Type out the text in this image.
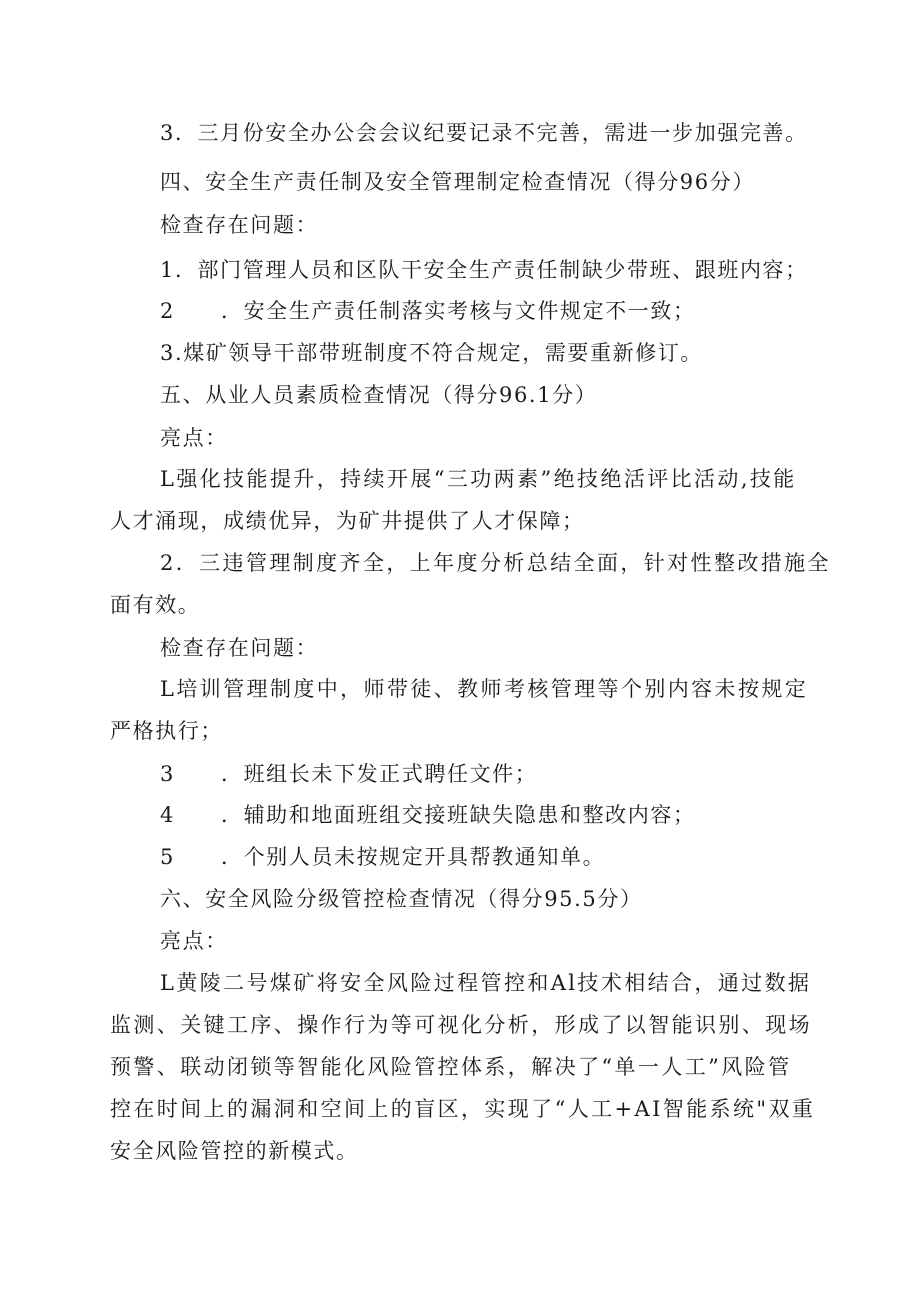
3．三月份安全办公会会议纪要记录不完善，需进一步加强完善。
四、安全生产责任制及安全管理制定检查情况（得分96分）
检查存在问题：
1．部门管理人员和区队干安全生产责任制缺少带班、跟班内容；
2 ．安全生产责任制落实考核与文件规定不一致；
3.煤矿领导干部带班制度不符合规定，需要重新修订。
五、从业人员素质检查情况（得分96.1分）
亮点：
L强化技能提升，持续开展“三功两素”绝技绝活评比活动,技能
人才涌现，成绩优异，为矿井提供了人才保障；
2．三违管理制度齐全，上年度分析总结全面，针对性整改措施全
面有效。
检查存在问题：
L培训管理制度中，师带徒、教师考核管理等个别内容未按规定
严格执行；
3 ．班组长未下发正式聘任文件；
4 ．辅助和地面班组交接班缺失隐患和整改内容；
5 ．个别人员未按规定开具帮教通知单。
六、安全风险分级管控检查情况（得分95.5分）
亮点：
L黄陵二号煤矿将安全风险过程管控和Al技术相结合，通过数据
监测、关键工序、操作行为等可视化分析，形成了以智能识别、现场
预警、联动闭锁等智能化风险管控体系，解决了“单一人工”风险管
控在时间上的漏洞和空间上的盲区，实现了“人工+AI智能系统"双重
安全风险管控的新模式。
